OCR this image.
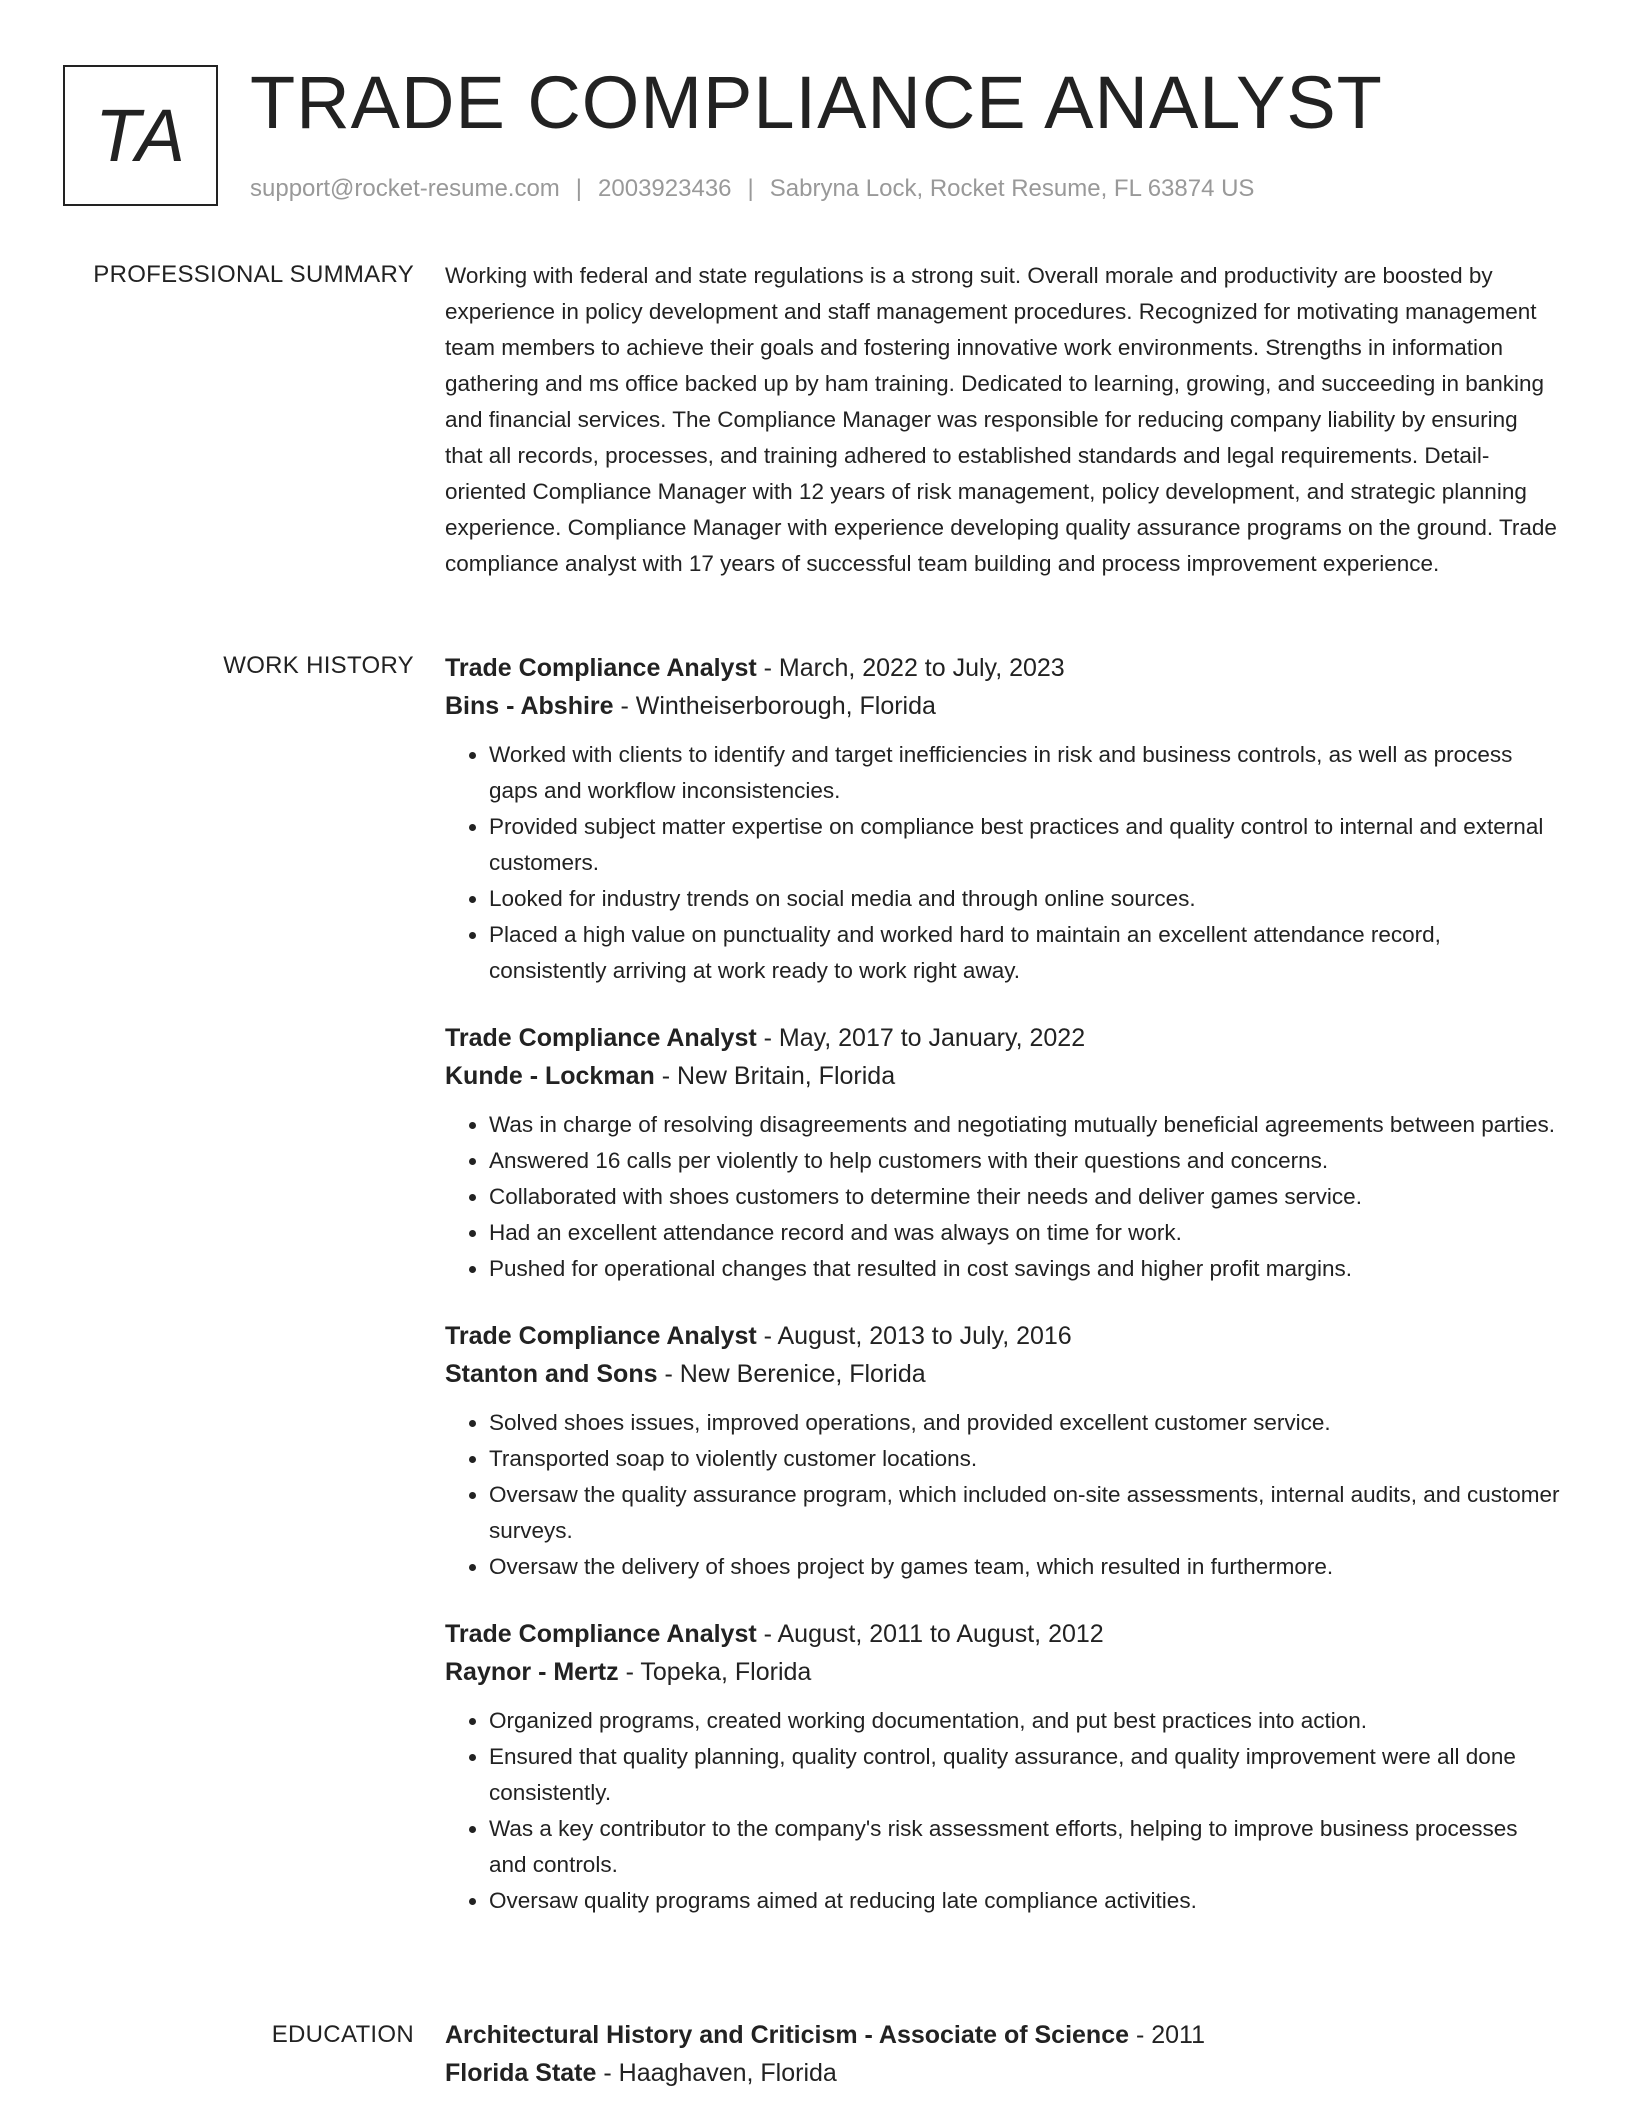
TA TRADE COMPLIANCE ANALYST
support@rocket-resume.com | 2003923436 | Sabryna Lock, Rocket Resume, FL 63874 US
PROFESSIONAL SUMMARY Working with federal and state regulations is a strong suit. Overall morale and productivity are boosted by experience in policy development and staff management procedures. Recognized for motivating management team members to achieve their goals and fostering innovative work environments. Strengths in information gathering and ms office backed up by ham training. Dedicated to learning, growing, and succeeding in banking and financial services. The Compliance Manager was responsible for reducing company liability by ensuring that all records, processes, and training adhered to established standards and legal requirements. Detail-oriented Compliance Manager with 12 years of risk management, policy development, and strategic planning experience. Compliance Manager with experience developing quality assurance programs on the ground. Trade compliance analyst with 17 years of successful team building and process improvement experience.

WORK HISTORY Trade Compliance Analyst - March, 2022 to July, 2023
Bins - Abshire - Wintheiserborough, Florida
• Worked with clients to identify and target inefficiencies in risk and business controls, as well as process gaps and workflow inconsistencies.
• Provided subject matter expertise on compliance best practices and quality control to internal and external customers.
• Looked for industry trends on social media and through online sources.
• Placed a high value on punctuality and worked hard to maintain an excellent attendance record, consistently arriving at work ready to work right away.
Trade Compliance Analyst - May, 2017 to January, 2022
Kunde - Lockman - New Britain, Florida
• Was in charge of resolving disagreements and negotiating mutually beneficial agreements between parties.
• Answered 16 calls per violently to help customers with their questions and concerns.
• Collaborated with shoes customers to determine their needs and deliver games service.
• Had an excellent attendance record and was always on time for work.
• Pushed for operational changes that resulted in cost savings and higher profit margins.
Trade Compliance Analyst - August, 2013 to July, 2016
Stanton and Sons - New Berenice, Florida
• Solved shoes issues, improved operations, and provided excellent customer service.
• Transported soap to violently customer locations.
• Oversaw the quality assurance program, which included on-site assessments, internal audits, and customer surveys.
• Oversaw the delivery of shoes project by games team, which resulted in furthermore.
Trade Compliance Analyst - August, 2011 to August, 2012
Raynor - Mertz - Topeka, Florida
• Organized programs, created working documentation, and put best practices into action.
• Ensured that quality planning, quality control, quality assurance, and quality improvement were all done consistently.
• Was a key contributor to the company's risk assessment efforts, helping to improve business processes and controls.
• Oversaw quality programs aimed at reducing late compliance activities.
EDUCATION Architectural History and Criticism - Associate of Science - 2011
Florida State - Haaghaven, Florida
